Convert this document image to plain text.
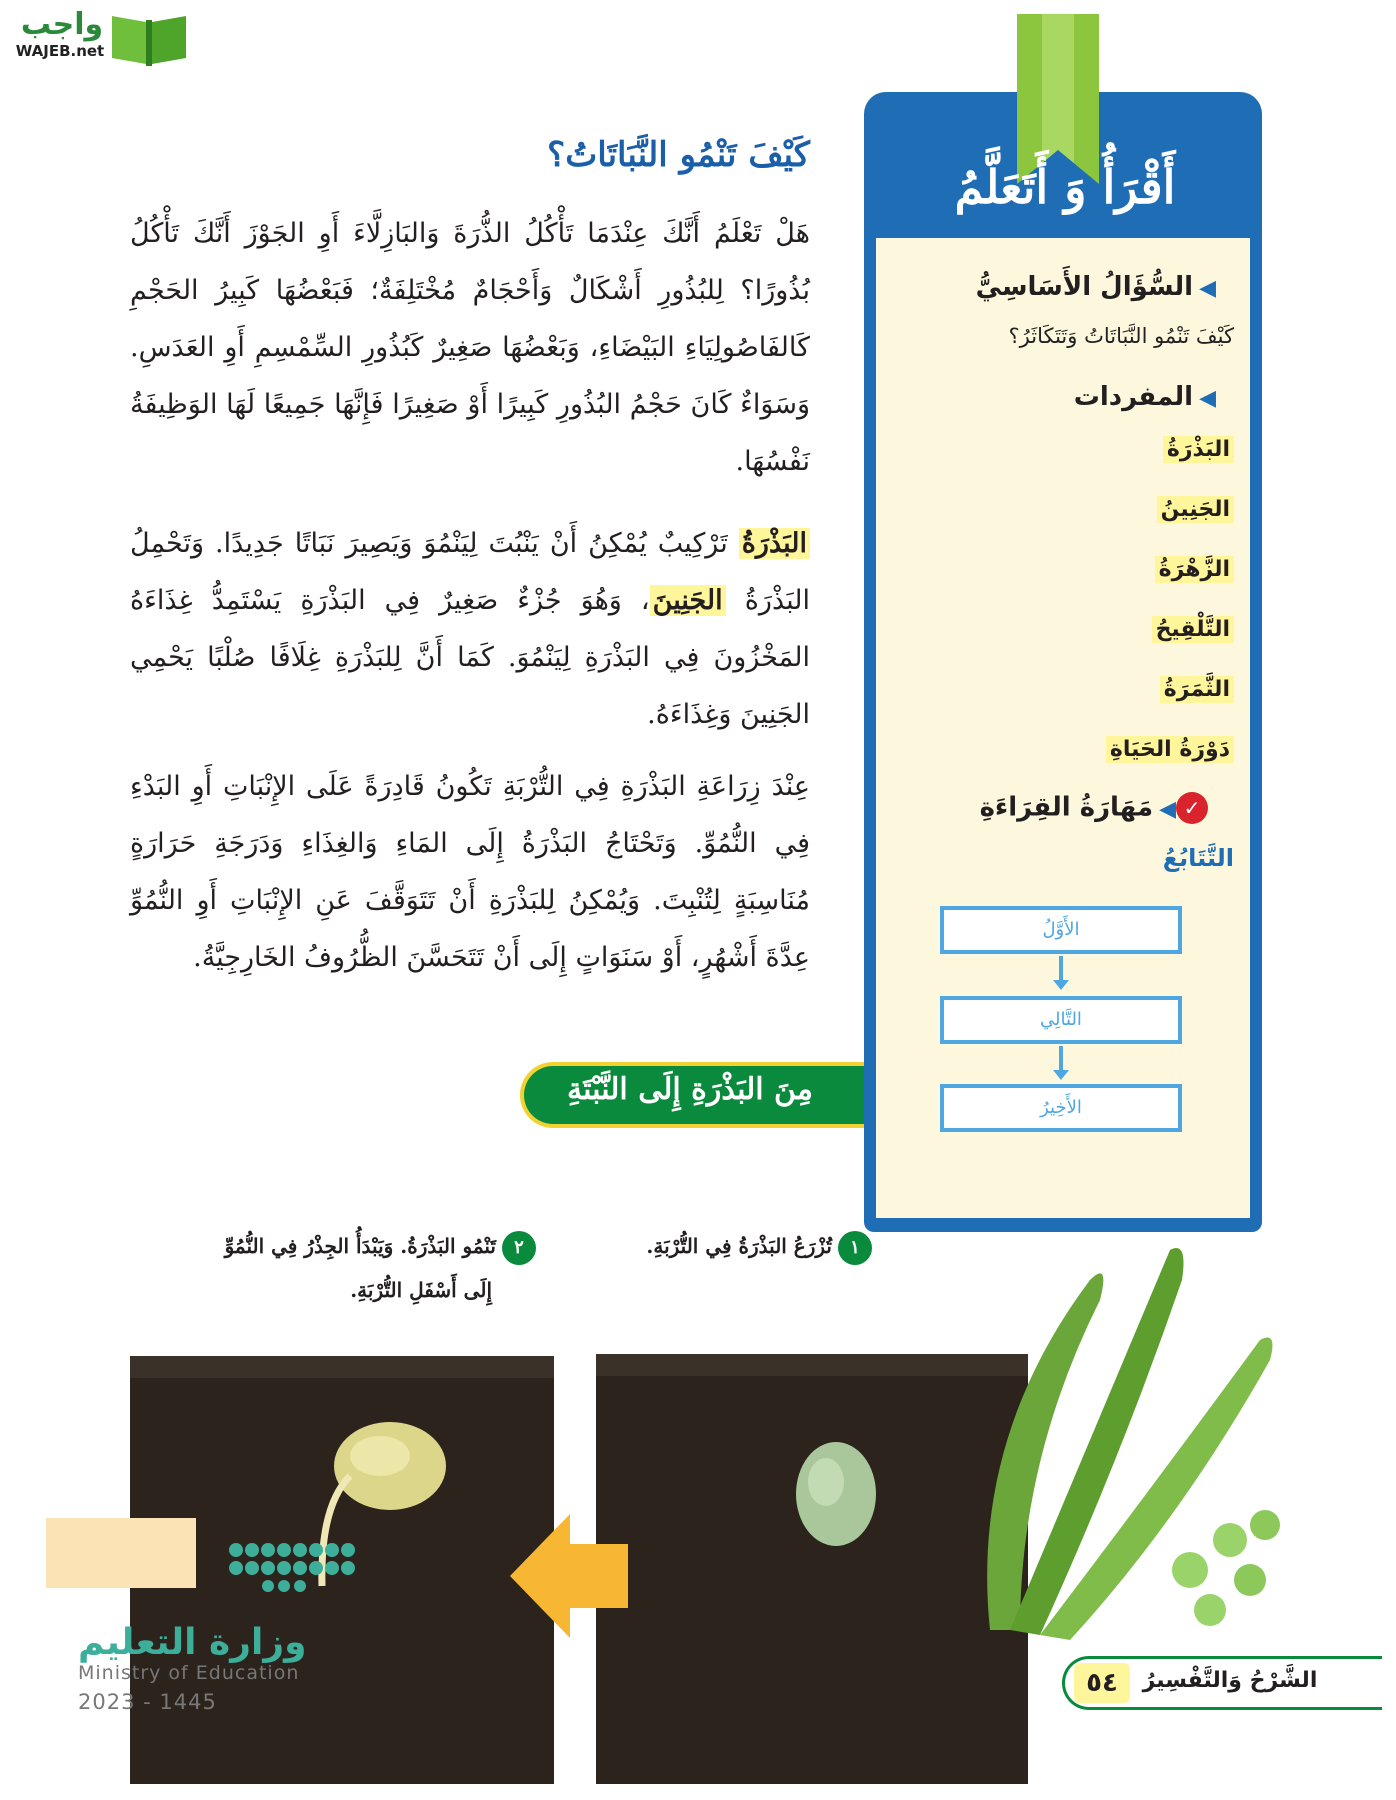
واجب
WAJEB.net
كَيْفَ تَنْمُو النَّبَاتَاتُ؟
هَلْ تَعْلَمُ أَنَّكَ عِنْدَمَا تَأْكُلُ الذُّرَةَ وَالبَازِلَّاءَ أَوِ الجَوْزَ أَنَّكَ تَأْكُلُ بُذُورًا؟ لِلبُذُورِ أَشْكَالٌ وَأَحْجَامٌ مُخْتَلِفَةٌ؛ فَبَعْضُهَا كَبِيرُ الحَجْمِ كَالفَاصُولِيَاءِ البَيْضَاءِ، وَبَعْضُهَا صَغِيرٌ كَبُذُورِ السِّمْسِمِ أَوِ العَدَسِ. وَسَوَاءٌ كَانَ حَجْمُ البُذُورِ كَبِيرًا أَوْ صَغِيرًا فَإِنَّهَا جَمِيعًا لَهَا الوَظِيفَةُ نَفْسُهَا.
البَذْرَةُ تَرْكِيبٌ يُمْكِنُ أَنْ يَنْبُتَ لِيَنْمُوَ وَيَصِيرَ نَبَاتًا جَدِيدًا. وَتَحْمِلُ البَذْرَةُ الجَنِينَ، وَهُوَ جُزْءٌ صَغِيرٌ فِي البَذْرَةِ يَسْتَمِدُّ غِذَاءَهُ المَخْزُونَ فِي البَذْرَةِ لِيَنْمُوَ. كَمَا أَنَّ لِلبَذْرَةِ غِلَافًا صُلْبًا يَحْمِي الجَنِينَ وَغِذَاءَهُ.
عِنْدَ زِرَاعَةِ البَذْرَةِ فِي التُّرْبَةِ تَكُونُ قَادِرَةً عَلَى الإِنْبَاتِ أَوِ البَدْءِ فِي النُّمُوِّ. وَتَحْتَاجُ البَذْرَةُ إِلَى المَاءِ وَالغِذَاءِ وَدَرَجَةِ حَرَارَةٍ مُنَاسِبَةٍ لِتُنْبِتَ. وَيُمْكِنُ لِلبَذْرَةِ أَنْ تَتَوَقَّفَ عَنِ الإِنْبَاتِ أَوِ النُّمُوِّ عِدَّةَ أَشْهُرٍ، أَوْ سَنَوَاتٍ إِلَى أَنْ تَتَحَسَّنَ الظُّرُوفُ الخَارِجِيَّةُ.
أَقْرَأُ وَ أَتَعَلَّمُ
◀السُّؤَالُ الأَسَاسِيُّ
كَيْفَ تَنْمُو النَّبَاتَاتُ وَتَتَكَاثَرُ؟
◀المفردات
البَذْرَةُ
الجَنِينُ
الزَّهْرَةُ
التَّلْقِيحُ
الثَّمَرَةُ
دَوْرَةُ الحَيَاةِ
✓◀مَهَارَةُ القِرَاءَةِ
التَّتَابُعُ
الأَوَّلُ
التَّالِي
الأَخِيرُ
مِنَ البَذْرَةِ إِلَى النَّبْتَةِ
١تُزْرَعُ البَذْرَةُ فِي التُّرْبَةِ.
٢تَنْمُو البَذْرَةُ. وَيَبْدَأُ الجِذْرُ فِي النُّمُوِّ
إِلَى أَسْفَلِ التُّرْبَةِ.
وزارة التعليم
Ministry of Education
2023 - 1445
٥٤	الشَّرْحُ وَالتَّفْسِيرُ
